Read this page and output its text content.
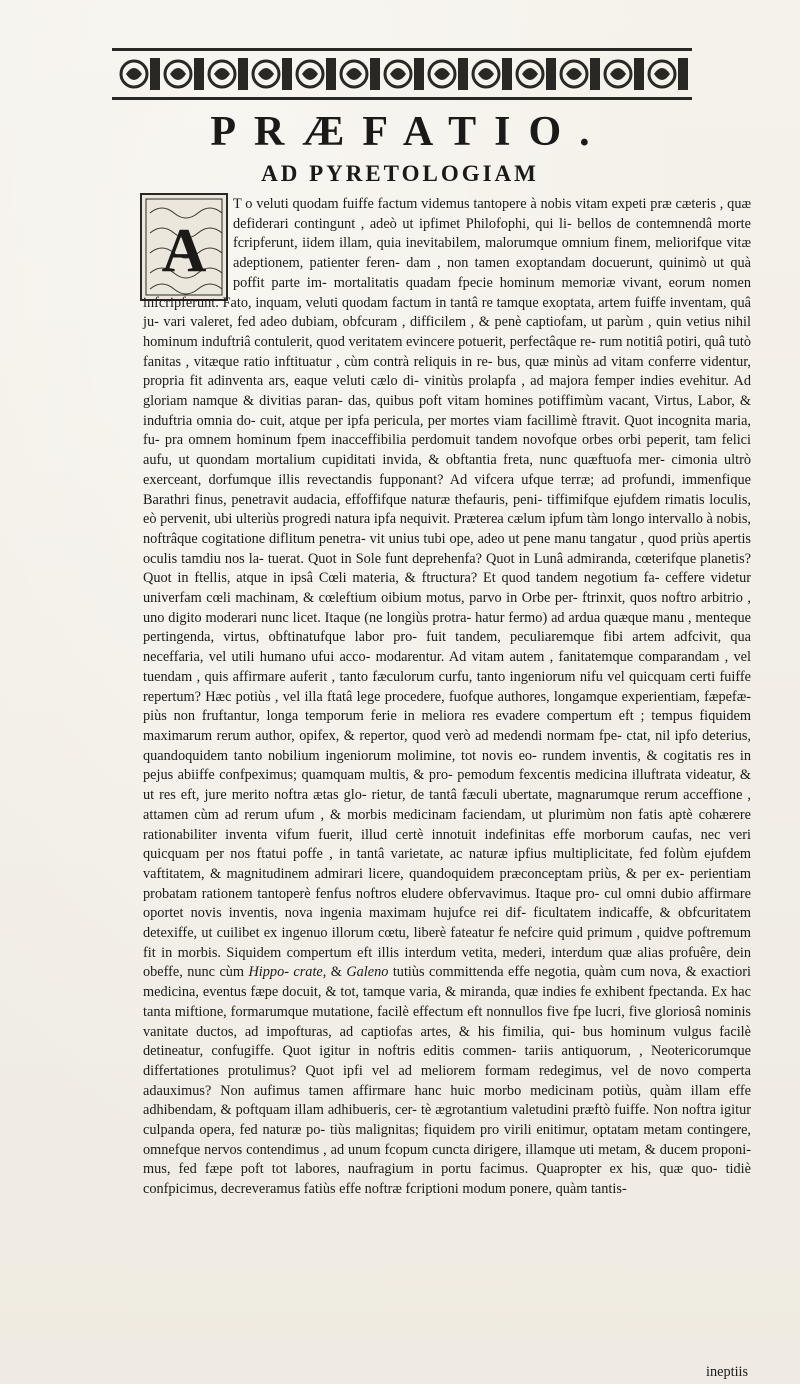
PRÆFATIO.
AD PYRETOLOGIAM
A

T o veluti quodam fuiffe factum videmus tantopere à nobis vitam expeti præ cæteris , quæ defiderari contingunt , adeò ut ipfimet Philofophi, qui li- bellos de contemnendâ morte fcripferunt, iidem illam, quia inevitabilem, malorumque omnium finem, meliorifque vitæ adeptionem, patienter feren- dam , non tamen exoptandam docuerunt, quinimò ut quà poffit parte im- mortalitatis quadam fpecie hominum memoriæ vivant, eorum nomen infcripferunt. Fato, inquam, veluti quodam factum in tantâ re tamque exoptata, artem fuiffe inventam, quâ ju- vari valeret, fed adeo dubiam, obfcuram , difficilem , & penè captiofam, ut parùm , quin vetius nihil hominum induftriâ contulerit, quod veritatem evincere potuerit, perfectâque re- rum notitiâ potiri, quâ tutò fanitas , vitæque ratio inftituatur , cùm contrà reliquis in re- bus, quæ minùs ad vitam conferre videntur, propria fit adinventa ars, eaque veluti cælo di- vinitùs prolapfa , ad majora femper indies evehitur. Ad gloriam namque & divitias paran- das, quibus poft vitam homines potiffimùm vacant, Virtus, Labor, & induftria omnia do- cuit, atque per ipfa pericula, per mortes viam facillimè ftravit. Quot incognita maria, fu- pra omnem hominum fpem inacceffibilia perdomuit tandem novofque orbes orbi peperit, tam felici aufu, ut quondam mortalium cupiditati invida, & obftantia freta, nunc quæftuofa mer- cimonia ultrò exerceant, dorfumque illis revectandis fupponant? Ad vifcera ufque terræ; ad profundi, immenfique Barathri finus, penetravit audacia, effoffifque naturæ thefauris, peni- tiffimifque ejufdem rimatis loculis, eò pervenit, ubi ulteriùs progredi natura ipfa nequivit. Præterea cælum ipfum tàm longo intervallo à nobis, noftrâque cogitatione diflitum penetra- vit unius tubi ope, adeo ut pene manu tangatur , quod priùs apertis oculis tamdiu nos la- tuerat. Quot in Sole funt deprehenfa? Quot in Lunâ admiranda, cœterifque planetis? Quot in ftellis, atque in ipsâ Cœli materia, & ftructura? Et quod tandem negotium fa- ceffere videtur univerfam cœli machinam, & cœleftium oibium motus, parvo in Orbe per- ftrinxit, quos noftro arbitrio , uno digito moderari nunc licet. Itaque (ne longiùs protra- hatur fermo) ad ardua quæque manu , menteque pertingenda, virtus, obftinatufque labor pro- fuit tandem, peculiaremque fibi artem adfcivit, qua neceffaria, vel utili humano ufui acco- modarentur. Ad vitam autem , fanitatemque comparandam , vel tuendam , quis affirmare auferit , tanto fæculorum curfu, tanto ingeniorum nifu vel quicquam certi fuiffe repertum? Hæc potiùs , vel illa ftatâ lege procedere, fuofque authores, longamque experientiam, fæpefæ- piùs non fruftantur, longa temporum ferie in meliora res evadere compertum eft ; tempus fiquidem maximarum rerum author, opifex, & repertor, quod verò ad medendi normam fpe- ctat, nil ipfo deterius, quandoquidem tanto nobilium ingeniorum molimine, tot novis eo- rundem inventis, & cogitatis res in pejus abiiffe confpeximus; quamquam multis, & pro- pemodum fexcentis medicina illuftrata videatur, & ut res eft, jure merito noftra ætas glo- rietur, de tantâ fæculi ubertate, magnarumque rerum acceffione , attamen cùm ad rerum ufum , & morbis medicinam faciendam, ut plurimùm non fatis aptè cohærere rationabiliter inventa vifum fuerit, illud certè innotuit indefinitas effe morborum caufas, nec veri quicquam per nos ftatui poffe , in tantâ varietate, ac naturæ ipfius multiplicitate, fed folùm ejufdem vaftitatem, & magnitudinem admirari licere, quandoquidem præconceptam priùs, & per ex- perientiam probatam rationem tantoperè fenfus noftros eludere obfervavimus. Itaque pro- cul omni dubio affirmare oportet novis inventis, nova ingenia maximam hujufce rei dif- ficultatem indicaffe, & obfcuritatem detexiffe, ut cuilibet ex ingenuo illorum cœtu, liberè fateatur fe nefcire quid primum , quidve poftremum fit in morbis. Siquidem compertum eft illis interdum vetita, mederi, interdum quæ alias profuêre, dein obeffe, nunc cùm Hippo- crate, & Galeno tutiùs committenda effe negotia, quàm cum nova, & exactiori medicina, eventus fæpe docuit, & tot, tamque varia, & miranda, quæ indies fe exhibent fpectanda. Ex hac tanta miftione, formarumque mutatione, facilè effectum eft nonnullos five fpe lucri, five gloriosâ nominis vanitate ductos, ad impofturas, ad captiofas artes, & his fimilia, qui- bus hominum vulgus facilè detineatur, confugiffe. Quot igitur in noftris editis commen- tariis antiquorum, , Neotericorumque differtationes protulimus? Quot ipfi vel ad meliorem formam redegimus, vel de novo comperta adauximus? Non aufimus tamen affirmare hanc huic morbo medicinam potiùs, quàm illam effe adhibendam, & poftquam illam adhibueris, cer- tè ægrotantium valetudini præftò fuiffe. Non noftra igitur culpanda opera, fed naturæ po- tiùs malignitas; fiquidem pro virili enitimur, optatam metam contingere, omnefque nervos contendimus , ad unum fcopum cuncta dirigere, illamque uti metam, & ducem proponi- mus, fed fæpe poft tot labores, naufragium in portu facimus. Quapropter ex his, quæ quo- tidiè confpicimus, decreveramus fatiùs effe noftræ fcriptioni modum ponere, quàm tantis-

ineptiis
